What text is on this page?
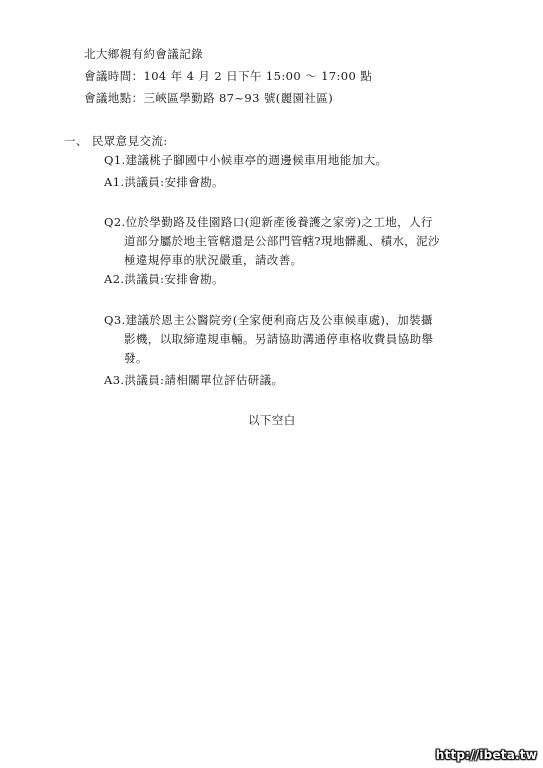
北大鄉親有約會議記錄
會議時間：104 年 4 月 2 日下午 15:00 ～ 17:00 點
會議地點：三峽區學勤路 87~93 號(麗園社區)
一、 民眾意見交流:
Q1.建議桃子腳國中小候車亭的週邊候車用地能加大。
A1.洪議員:安排會勘。
Q2.位於學勤路及佳園路口(迎新產後養護之家旁)之工地，人行
道部分屬於地主管轄還是公部門管轄?現地髒亂、積水，泥沙
極違規停車的狀況嚴重，請改善。
A2.洪議員:安排會勘。
Q3.建議於恩主公醫院旁(全家便利商店及公車候車處)，加裝攝
影機，以取締違規車輛。另請協助溝通停車格收費員協助舉
發。
A3.洪議員:請相關單位評估研議。
以下空白
http://ibeta.tw
